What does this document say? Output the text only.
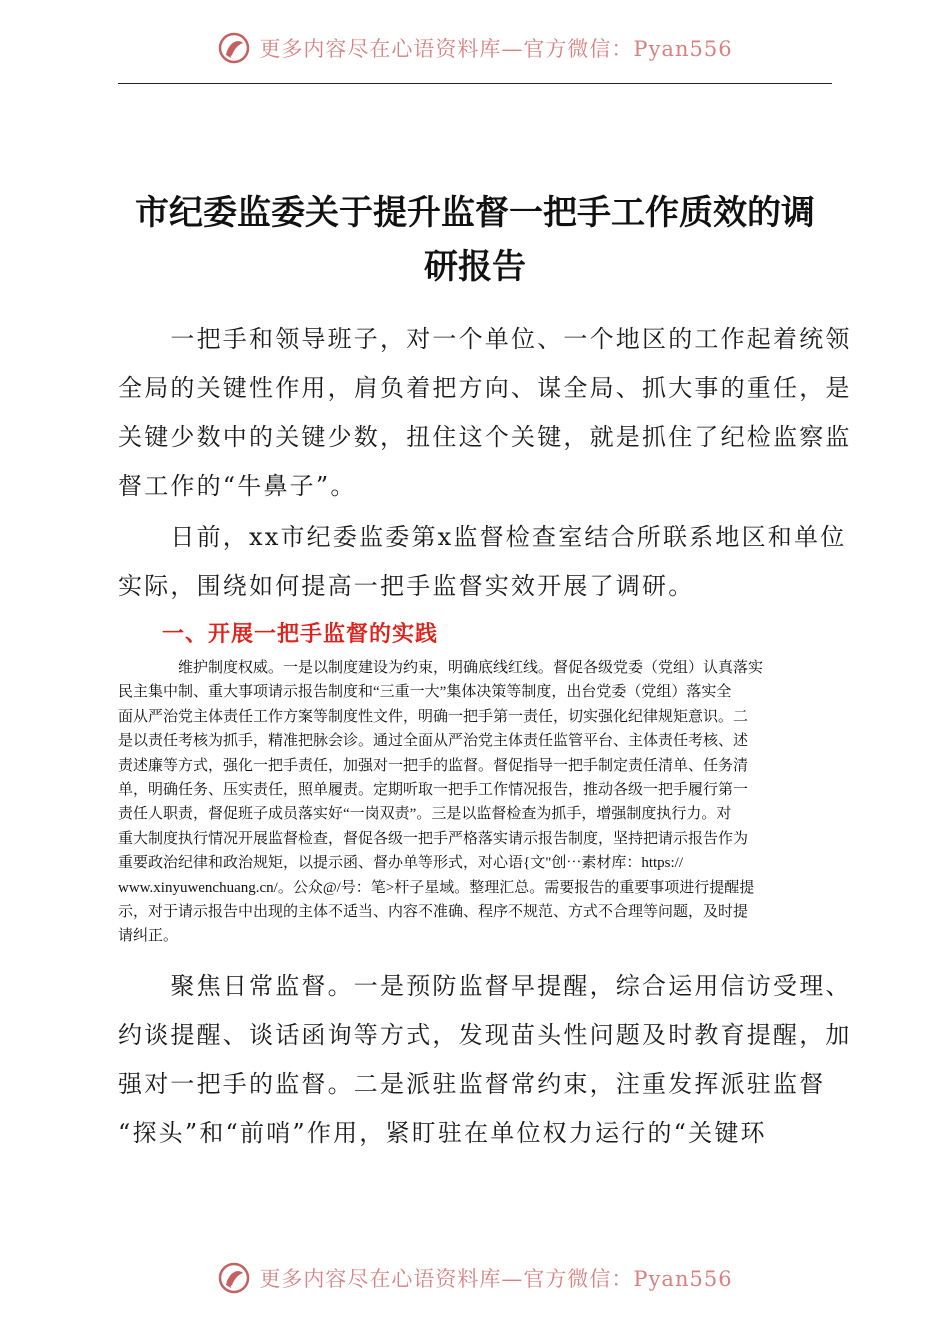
更多内容尽在心语资料库—官方微信：Pyan556
市纪委监委关于提升监督一把手工作质效的调
研报告
　　一把手和领导班子，对一个单位、一个地区的工作起着统领
全局的关键性作用，肩负着把方向、谋全局、抓大事的重任，是
关键少数中的关键少数，扭住这个关键，就是抓住了纪检监察监
督工作的“牛鼻子”。
　　日前，xx市纪委监委第x监督检查室结合所联系地区和单位
实际，围绕如何提高一把手监督实效开展了调研。
一、开展一把手监督的实践
　　　　维护制度权威。一是以制度建设为约束，明确底线红线。督促各级党委（党组）认真落实
民主集中制、重大事项请示报告制度和“三重一大”集体决策等制度，出台党委（党组）落实全
面从严治党主体责任工作方案等制度性文件，明确一把手第一责任，切实强化纪律规矩意识。二
是以责任考核为抓手，精准把脉会诊。通过全面从严治党主体责任监管平台、主体责任考核、述
责述廉等方式，强化一把手责任，加强对一把手的监督。督促指导一把手制定责任清单、任务清
单，明确任务、压实责任，照单履责。定期听取一把手工作情况报告，推动各级一把手履行第一
责任人职责，督促班子成员落实好“一岗双责”。三是以监督检查为抓手，增强制度执行力。对
重大制度执行情况开展监督检查，督促各级一把手严格落实请示报告制度，坚持把请示报告作为
重要政治纪律和政治规矩，以提示函、督办单等形式，对心语{文"创⋯素材库：https://
www.xinyuwenchuang.cn/。公众@/号：笔>杆子星域。整理汇总。需要报告的重要事项进行提醒提
示，对于请示报告中出现的主体不适当、内容不准确、程序不规范、方式不合理等问题，及时提
请纠正。
　　聚焦日常监督。一是预防监督早提醒，综合运用信访受理、
约谈提醒、谈话函询等方式，发现苗头性问题及时教育提醒，加
强对一把手的监督。二是派驻监督常约束，注重发挥派驻监督
“探头”和“前哨”作用，紧盯驻在单位权力运行的“关键环
更多内容尽在心语资料库—官方微信：Pyan556
